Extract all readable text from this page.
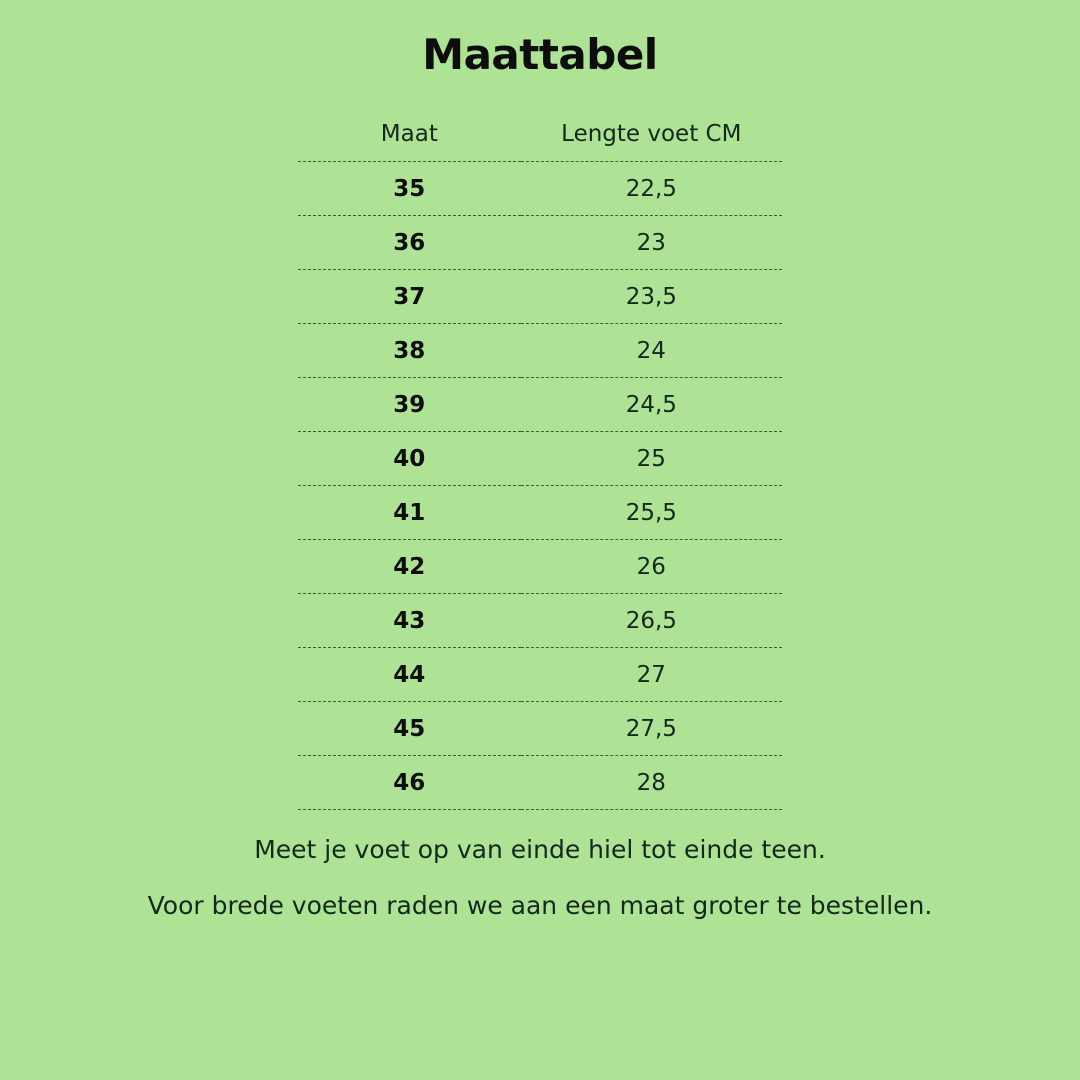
Maattabel
Maat	Lengte voet CM
35	22,5
36	23
37	23,5
38	24
39	24,5
40	25
41	25,5
42	26
43	26,5
44	27
45	27,5
46	28

Meet je voet op van einde hiel tot einde teen.

Voor brede voeten raden we aan een maat groter te bestellen.
